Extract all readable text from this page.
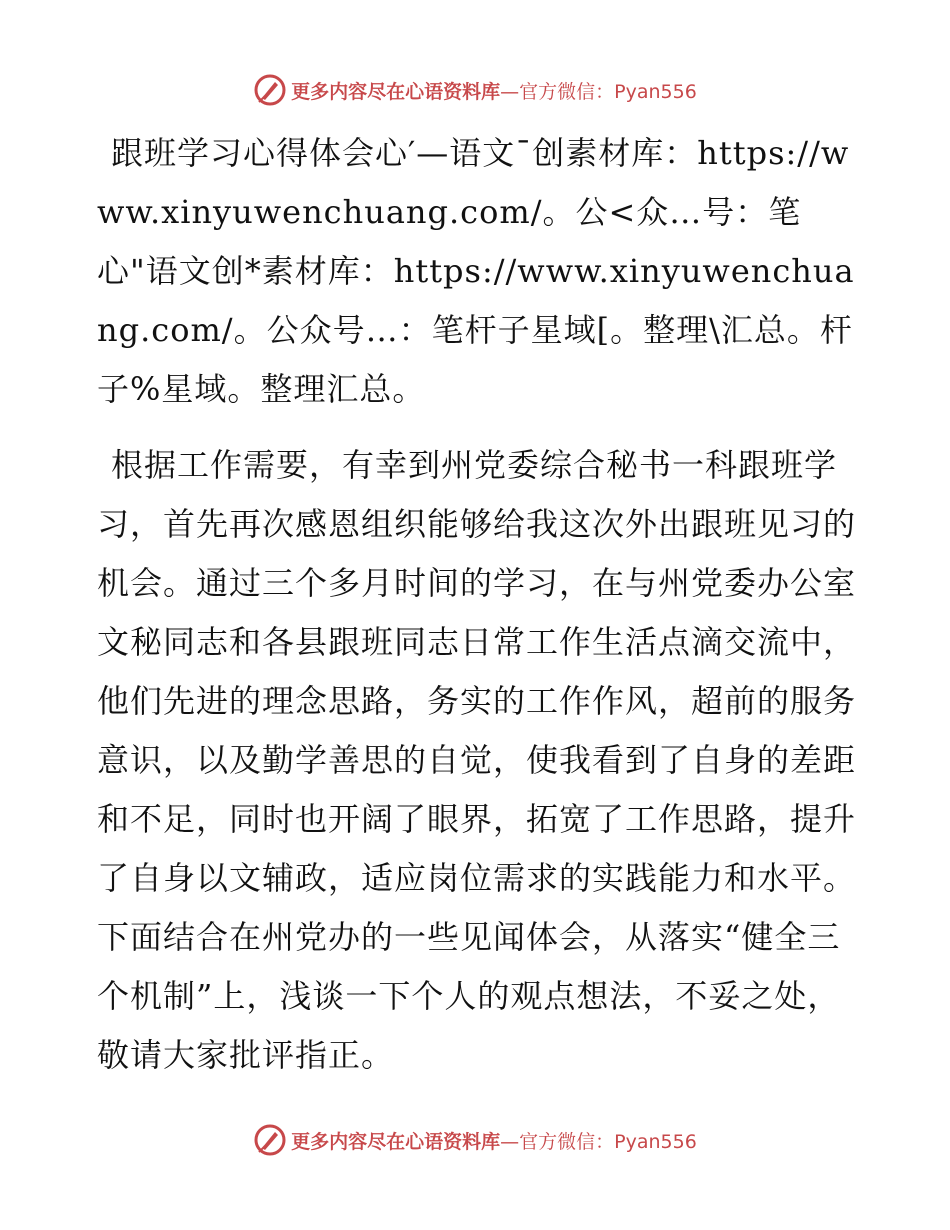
更多内容尽在心语资料库—官方微信：Pyan556

跟班学习心得体会心′—语文¯创素材库：https://www.xinyuwenchuang.com/。公<众…号：笔心"语文创*素材库：https://www.xinyuwenchuang.com/。公众号…：笔杆子星域[。整理\汇总。杆子%星域。整理汇总。

根据工作需要，有幸到州党委综合秘书一科跟班学习，首先再次感恩组织能够给我这次外出跟班见习的机会。通过三个多月时间的学习，在与州党委办公室文秘同志和各县跟班同志日常工作生活点滴交流中，他们先进的理念思路，务实的工作作风，超前的服务意识，以及勤学善思的自觉，使我看到了自身的差距和不足，同时也开阔了眼界，拓宽了工作思路，提升了自身以文辅政，适应岗位需求的实践能力和水平。下面结合在州党办的一些见闻体会，从落实“健全三个机制”上，浅谈一下个人的观点想法，不妥之处，敬请大家批评指正。

更多内容尽在心语资料库—官方微信：Pyan556
